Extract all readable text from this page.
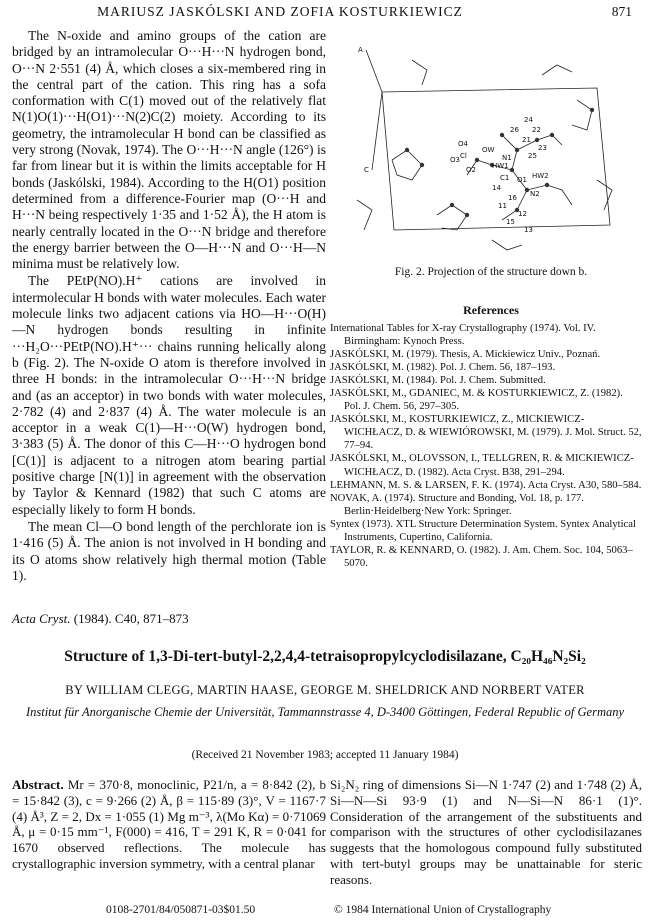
MARIUSZ JASKÓLSKI AND ZOFIA KOSTURKIEWICZ	871

The N-oxide and amino groups of the cation are bridged by an intramolecular O···H···N hydrogen bond, O···N 2·551 (4) Å, which closes a six-membered ring in the central part of the cation. This ring has a sofa conformation with C(1) moved out of the relatively flat N(1)O(1)···H(O1)···N(2)C(2) moiety. According to its geometry, the intramolecular H bond can be classified as very strong (Novak, 1974). The O···H···N angle (126°) is far from linear but it is within the limits acceptable for H bonds (Jaskólski, 1984). According to the H(O1) position determined from a difference-Fourier map (O···H and H···N being respectively 1·35 and 1·52 Å), the H atom is nearly centrally located in the O···N bridge and therefore the energy barrier between the O—H···N and O···H—N minima must be relatively low.

The PEtP(NO).H⁺ cations are involved in intermolecular H bonds with water molecules. Each water molecule links two adjacent cations via HO—H···O(H)—N hydrogen bonds resulting in infinite ···H₂O···PEtP(NO).H⁺··· chains running helically along b (Fig. 2). The N-oxide O atom is therefore involved in three H bonds: in the intramolecular O···H···N bridge and (as an acceptor) in two bonds with water molecules, 2·782 (4) and 2·837 (4) Å. The water molecule is an acceptor in a weak C(1)—H···O(W) hydrogen bond, 3·383 (5) Å. The donor of this C—H···O hydrogen bond [C(1)] is adjacent to a nitrogen atom bearing partial positive charge [N(1)] in agreement with the observation by Taylor & Kennard (1982) that such C atoms are especially likely to form H bonds.

The mean Cl—O bond length of the perchlorate ion is 1·416 (5) Å. The anion is not involved in H bonding and its O atoms show relatively high thermal motion (Table 1).

A
C
24
26 22
21
23
25
N1
C1
HW1
HW2
N2
OW
O1
O4
O3
O2
16
12
11
14
15
13
Cl
Fig. 2. Projection of the structure down b.
References
International Tables for X-ray Crystallography (1974). Vol. IV. Birmingham: Kynoch Press.
JASKÓLSKI, M. (1979). Thesis, A. Mickiewicz Univ., Poznań.
JASKÓLSKI, M. (1982). Pol. J. Chem. 56, 187–193.
JASKÓLSKI, M. (1984). Pol. J. Chem. Submitted.
JASKÓLSKI, M., GDANIEC, M. & KOSTURKIEWICZ, Z. (1982). Pol. J. Chem. 56, 297–305.
JASKÓLSKI, M., KOSTURKIEWICZ, Z., MICKIEWICZ-WICHŁACZ, D. & WIEWIÓROWSKI, M. (1979). J. Mol. Struct. 52, 77–94.
JASKÓLSKI, M., OLOVSSON, I., TELLGREN, R. & MICKIEWICZ-WICHŁACZ, D. (1982). Acta Cryst. B38, 291–294.
LEHMANN, M. S. & LARSEN, F. K. (1974). Acta Cryst. A30, 580–584.
NOVAK, A. (1974). Structure and Bonding, Vol. 18, p. 177. Berlin·Heidelberg·New York: Springer.
Syntex (1973). XTL Structure Determination System. Syntex Analytical Instruments, Cupertino, California.
TAYLOR, R. & KENNARD, O. (1982). J. Am. Chem. Soc. 104, 5063–5070.
Acta Cryst. (1984). C40, 871–873
Structure of 1,3-Di-tert-butyl-2,2,4,4-tetraisopropylcyclodisilazane, C₂₀H₄₆N₂Si₂
BY WILLIAM CLEGG, MARTIN HAASE, GEORGE M. SHELDRICK AND NORBERT VATER
Institut für Anorganische Chemie der Universität, Tammannstrasse 4, D-3400 Göttingen, Federal Republic of Germany
(Received 21 November 1983; accepted 11 January 1984)
Abstract. Mr = 370·8, monoclinic, P21/n, a = 8·842 (2), b = 15·842 (3), c = 9·266 (2) Å, β = 115·89 (3)°, V = 1167·7 (4) Å³, Z = 2, Dx = 1·055 (1) Mg m⁻³, λ(Mo Kα) = 0·71069 Å, μ = 0·15 mm⁻¹, F(000) = 416, T = 291 K, R = 0·041 for 1670 observed reflections. The molecule has crystallographic inversion symmetry, with a central planar
Si₂N₂ ring of dimensions Si—N 1·747 (2) and 1·748 (2) Å, Si—N—Si 93·9 (1) and N—Si—N 86·1 (1)°. Consideration of the arrangement of the substituents and comparison with the structures of other cyclodisilazanes suggests that the homologous compound fully substituted with tert-butyl groups may be unattainable for steric reasons.
0108-2701/84/050871-03$01.50	© 1984 International Union of Crystallography
